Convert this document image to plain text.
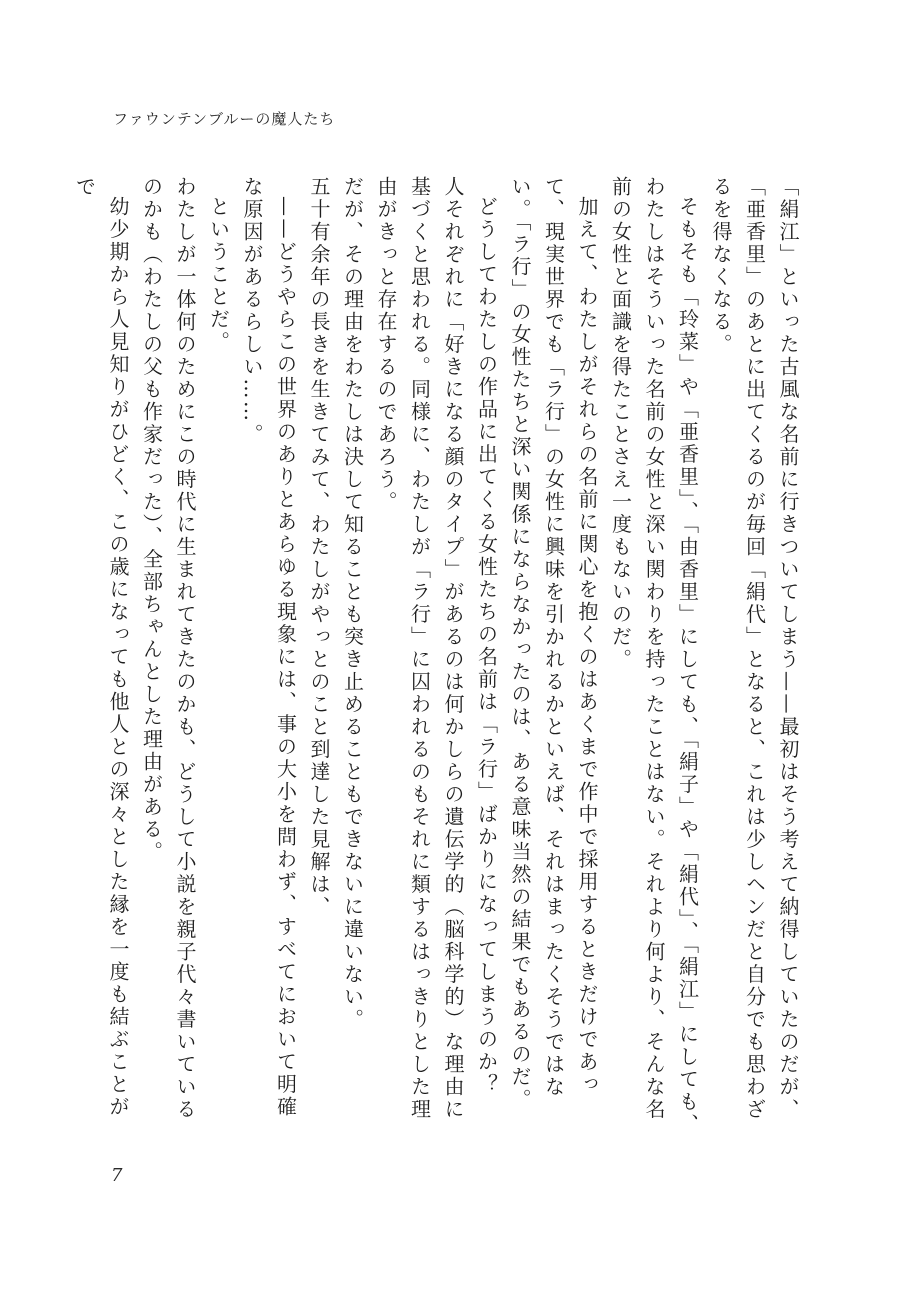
ファウンテンブルーの魔人たち

「絹江」といった古風な名前に行きついてしまう——最初はそう考えて納得していたのだが、「亜香里」のあとに出てくるのが毎回「絹代」となると、これは少しヘンだと自分でも思わざるを得なくなる。

そもそも「玲菜」や「亜香里」、「由香里」にしても、「絹子」や「絹代」、「絹江」にしても、わたしはそういった名前の女性と深い関わりを持ったことはない。それより何より、そんな名前の女性と面識を得たことさえ一度もないのだ。

加えて、わたしがそれらの名前に関心を抱くのはあくまで作中で採用するときだけであって、現実世界でも「ラ行」の女性に興味を引かれるかといえば、それはまったくそうではない。「ラ行」の女性たちと深い関係にならなかったのは、ある意味当然の結果でもあるのだ。

どうしてわたしの作品に出てくる女性たちの名前は「ラ行」ばかりになってしまうのか？

人それぞれに「好きになる顔のタイプ」があるのは何かしらの遺伝学的（脳科学的）な理由に基づくと思われる。同様に、わたしが「ラ行」に囚われるのもそれに類するはっきりとした理由がきっと存在するのであろう。

だが、その理由をわたしは決して知ることも突き止めることもできないに違いない。

五十有余年の長きを生きてみて、わたしがやっとのこと到達した見解は、

——どうやらこの世界のありとあらゆる現象には、事の大小を問わず、すべてにおいて明確な原因があるらしい……。

ということだ。

わたしが一体何のためにこの時代に生まれてきたのかも、どうして小説を親子代々書いているのかも（わたしの父も作家だった）、全部ちゃんとした理由がある。

幼少期から人見知りがひどく、この歳になっても他人との深々とした縁を一度も結ぶことがで

7
